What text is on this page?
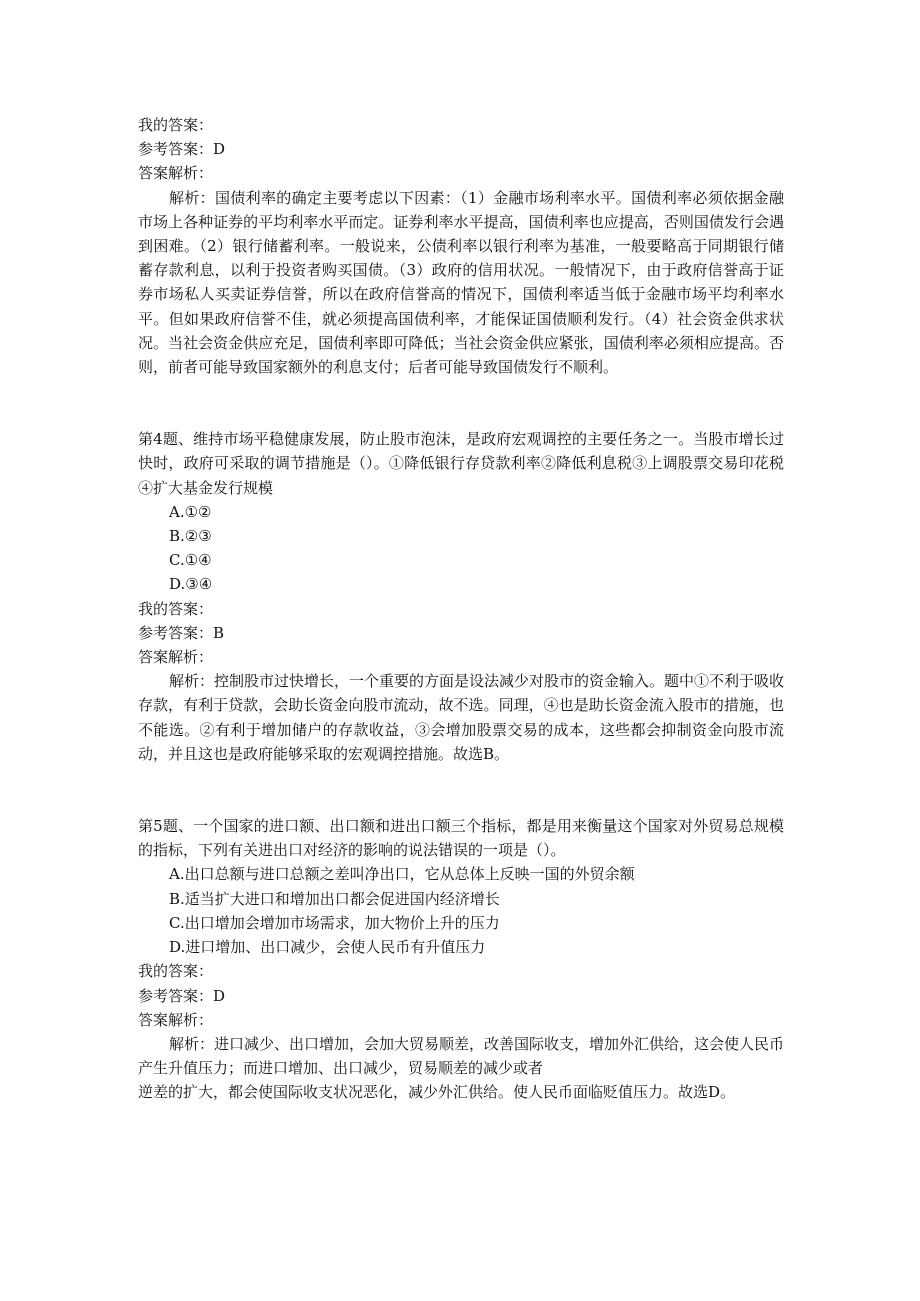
我的答案：
参考答案：D
答案解析：
解析：国债利率的确定主要考虑以下因素：（1）金融市场利率水平。国债利率必须依据金融市场上各种证券的平均利率水平而定。证券利率水平提高，国债利率也应提高，否则国债发行会遇到困难。（2）银行储蓄利率。一般说来，公债利率以银行利率为基准，一般要略高于同期银行储蓄存款利息，以利于投资者购买国债。（3）政府的信用状况。一般情况下，由于政府信誉高于证券市场私人买卖证券信誉，所以在政府信誉高的情况下，国债利率适当低于金融市场平均利率水平。但如果政府信誉不佳，就必须提高国债利率，才能保证国债顺利发行。（4）社会资金供求状况。当社会资金供应充足，国债利率即可降低；当社会资金供应紧张，国债利率必须相应提高。否则，前者可能导致国家额外的利息支付；后者可能导致国债发行不顺利。
第4题、维持市场平稳健康发展，防止股市泡沫，是政府宏观调控的主要任务之一。当股市增长过快时，政府可采取的调节措施是（）。①降低银行存贷款利率②降低利息税③上调股票交易印花税④扩大基金发行规模
A.①②
B.②③
C.①④
D.③④
我的答案：
参考答案：B
答案解析：
解析：控制股市过快增长，一个重要的方面是设法减少对股市的资金输入。题中①不利于吸收存款，有利于贷款，会助长资金向股市流动，故不选。同理，④也是助长资金流入股市的措施，也不能选。②有利于增加储户的存款收益，③会增加股票交易的成本，这些都会抑制资金向股市流动，并且这也是政府能够采取的宏观调控措施。故选B。
第5题、一个国家的进口额、出口额和进出口额三个指标，都是用来衡量这个国家对外贸易总规模的指标，下列有关进出口对经济的影响的说法错误的一项是（）。
A.出口总额与进口总额之差叫净出口，它从总体上反映一国的外贸余额
B.适当扩大进口和增加出口都会促进国内经济增长
C.出口增加会增加市场需求，加大物价上升的压力
D.进口增加、出口减少，会使人民币有升值压力
我的答案：
参考答案：D
答案解析：
解析：进口减少、出口增加，会加大贸易顺差，改善国际收支，增加外汇供给，这会使人民币产生升值压力；而进口增加、出口减少，贸易顺差的减少或者
逆差的扩大，都会使国际收支状况恶化，减少外汇供给。使人民币面临贬值压力。故选D。
